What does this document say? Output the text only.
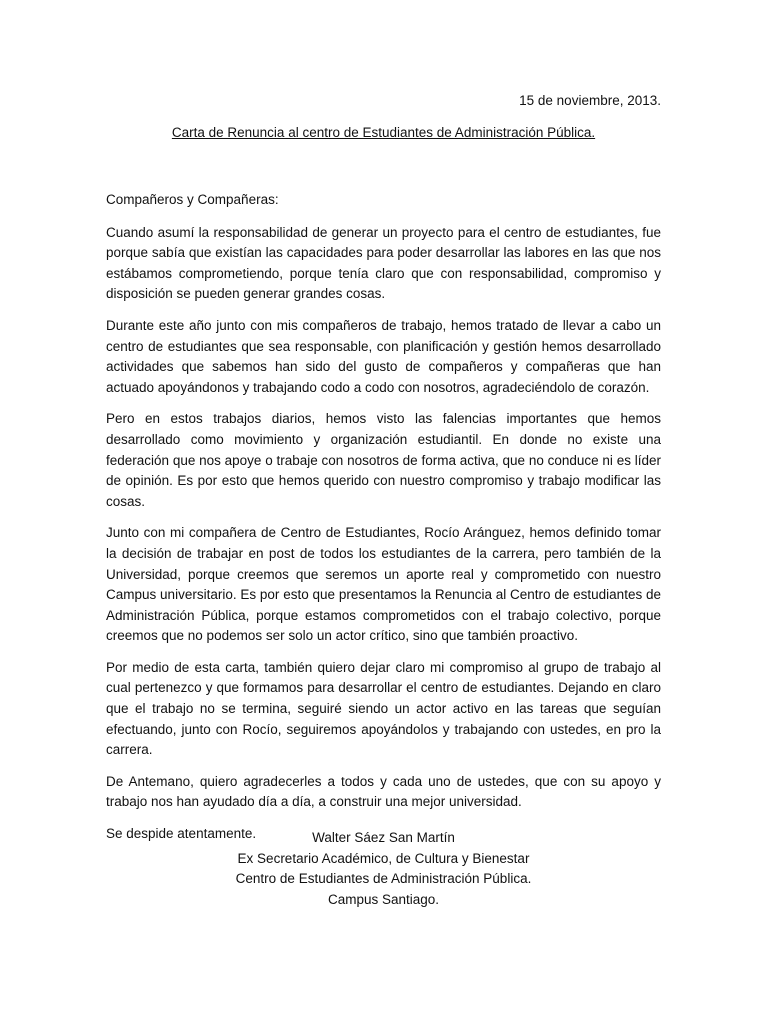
15 de noviembre, 2013.
Carta de Renuncia al centro de Estudiantes de Administración Pública.

Compañeros y Compañeras:

Cuando asumí la responsabilidad de generar un proyecto para el centro de estudiantes, fue porque sabía que existían las capacidades para poder desarrollar las labores en las que nos estábamos comprometiendo, porque tenía claro que con responsabilidad, compromiso y disposición se pueden generar grandes cosas.

Durante este año junto con mis compañeros de trabajo, hemos tratado de llevar a cabo un centro de estudiantes que sea responsable, con planificación y gestión hemos desarrollado actividades que sabemos han sido del gusto de compañeros y compañeras que han actuado apoyándonos y trabajando codo a codo con nosotros, agradeciéndolo de corazón.

Pero en estos trabajos diarios, hemos visto las falencias importantes que hemos desarrollado como movimiento y organización estudiantil. En donde no existe una federación que nos apoye o trabaje con nosotros de forma activa, que no conduce ni es líder de opinión. Es por esto que hemos querido con nuestro compromiso y trabajo modificar las cosas.

Junto con mi compañera de Centro de Estudiantes, Rocío Aránguez, hemos definido tomar la decisión de trabajar en post de todos los estudiantes de la carrera, pero también de la Universidad, porque creemos que seremos un aporte real y comprometido con nuestro Campus universitario. Es por esto que presentamos la Renuncia al Centro de estudiantes de Administración Pública, porque estamos comprometidos con el trabajo colectivo, porque creemos que no podemos ser solo un actor crítico, sino que también proactivo.

Por medio de esta carta, también quiero dejar claro mi compromiso al grupo de trabajo al cual pertenezco y que formamos para desarrollar el centro de estudiantes. Dejando en claro que el trabajo no se termina, seguiré siendo un actor activo en las tareas que seguían efectuando, junto con Rocío, seguiremos apoyándolos y trabajando con ustedes, en pro la carrera.

De Antemano, quiero agradecerles a todos y cada uno de ustedes, que con su apoyo y trabajo nos han ayudado día a día, a construir una mejor universidad.

Se despide atentamente.	Walter Sáez San Martín
Ex Secretario Académico, de Cultura y Bienestar
Centro de Estudiantes de Administración Pública.
Campus Santiago.
